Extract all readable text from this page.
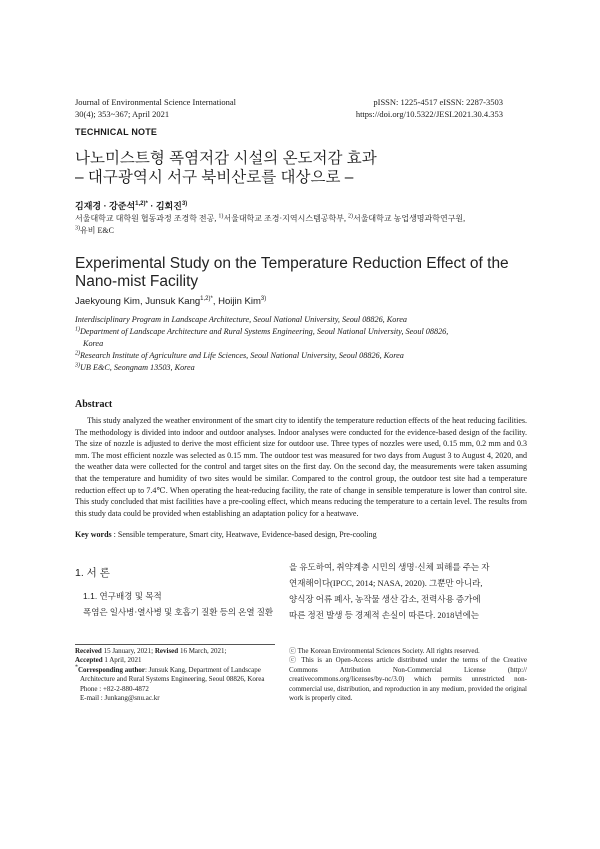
Journal of Environmental Science International
30(4); 353~367; April 2021
pISSN: 1225-4517 eISSN: 2287-3503
https://doi.org/10.5322/JESI.2021.30.4.353
TECHNICAL NOTE
나노미스트형 폭염저감 시설의 온도저감 효과
– 대구광역시 서구 북비산로를 대상으로 –
김재경 · 강준석$^{1,2)*}$ · 김회진$^{3)}$
서울대학교 대학원 협동과정 조경학 전공, $^{1)}$서울대학교 조경·지역시스템공학부, $^{2)}$서울대학교 농업생명과학연구원,
$^{3)}$유비 E&C
Experimental Study on the Temperature Reduction Effect of the Nano-mist Facility
Jaekyoung Kim, Junsuk Kang$^{1,2)*}$, Hoijin Kim$^{3)}$

Interdisciplinary Program in Landscape Architecture, Seoul National University, Seoul 08826, Korea

$^{1)}$Department of Landscape Architecture and Rural Systems Engineering, Seoul National University, Seoul 08826,

Korea

$^{2)}$Research Institute of Agriculture and Life Sciences, Seoul National University, Seoul 08826, Korea

$^{3)}$UB E&C, Seongnam 13503, Korea

Abstract

This study analyzed the weather environment of the smart city to identify the temperature reduction effects of the heat reducing facilities. The methodology is divided into indoor and outdoor analyses. Indoor analyses were conducted for the evidence-based design of the facility. The size of nozzle is adjusted to derive the most efficient size for outdoor use. Three types of nozzles were used, 0.15 mm, 0.2 mm and 0.3 mm. The most efficient nozzle was selected as 0.15 mm. The outdoor test was measured for two days from August 3 to August 4, 2020, and the weather data were collected for the control and target sites on the first day. On the second day, the measurements were taken assuming that the temperature and humidity of two sites would be similar. Compared to the control group, the outdoor test site had a temperature reduction effect up to 7.4℃. When operating the heat-reducing facility, the rate of change in sensible temperature is lower than control site. This study concluded that mist facilities have a pre-cooling effect, which means reducing the temperature to a certain level. The results from this study data could be provided when establishing an adaptation policy for a heatwave.

Key words : Sensible temperature, Smart city, Heatwave, Evidence-based design, Pre-cooling
1. 서 론
1.1. 연구배경 및 목적
폭염은 일사병·열사병 및 호흡기 질환 등의 온열 질환
을 유도하여, 취약계층 시민의 생명·신체 피해를 주는 자
연재해이다(IPCC, 2014; NASA, 2020). 그뿐만 아니라,
양식장 어류 폐사, 농작물 생산 감소, 전력사용 증가에
따른 정전 발생 등 경제적 손실이 따른다. 2018년에는

Received 15 January, 2021; Revised 16 March, 2021;

Accepted 1 April, 2021

*Corresponding author: Junsuk Kang, Department of Landscape

Architecture and Rural Systems Engineering, Seoul 08826, Korea

Phone : +82-2-880-4872

E-mail : Junkang@snu.ac.kr

ⓒ The Korean Environmental Sciences Society. All rights reserved.

ⓒ This is an Open-Access article distributed under the terms of the Creative Commons Attribution Non-Commercial License (http:// creativecommons.org/licenses/by-nc/3.0) which permits unrestricted non-commercial use, distribution, and reproduction in any medium, provided the original work is properly cited.
